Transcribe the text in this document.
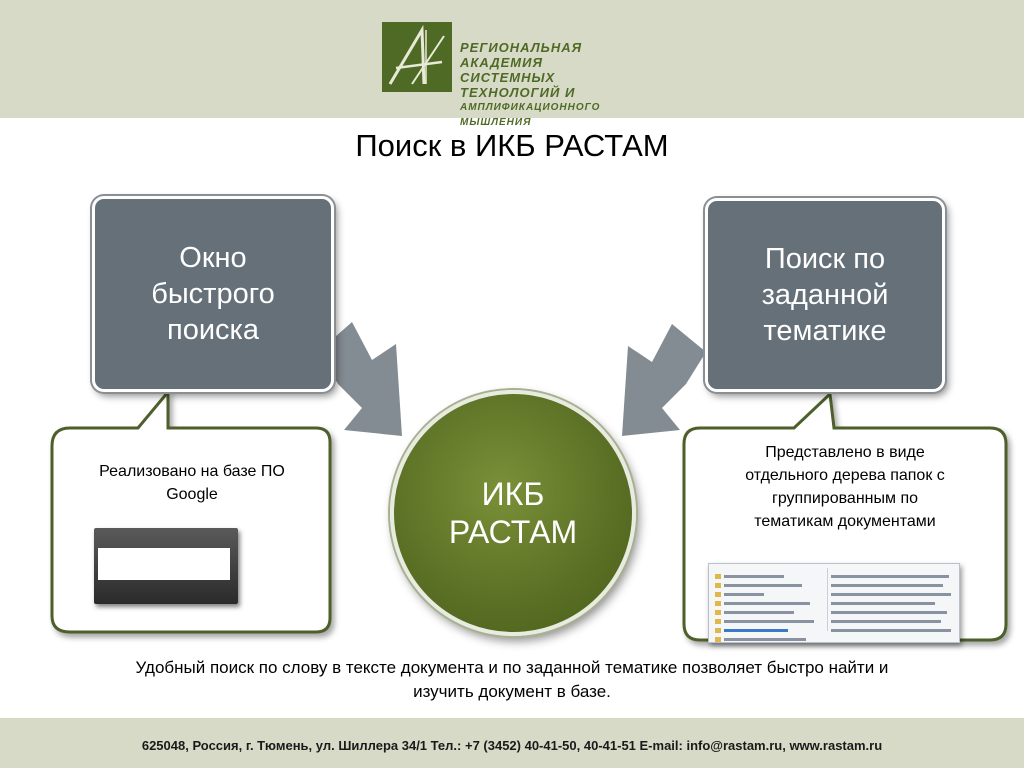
РЕГИОНАЛЬНАЯ АКАДЕМИЯ
СИСТЕМНЫХ ТЕХНОЛОГИЙ И
АМПЛИФИКАЦИОННОГО МЫШЛЕНИЯ
Поиск в ИКБ РАСТАМ
Окно
быстрого
поиска
Поиск по
заданной
тематике
ИКБ
РАСТАМ
Реализовано на базе ПО
Google
Представлено в виде
отдельного дерева папок с
группированным по
тематикам документами
Удобный поиск по слову в тексте документа и по заданной тематике позволяет быстро найти и
изучить документ в базе.
625048, Россия, г. Тюмень, ул. Шиллера 34/1 Тел.: +7 (3452) 40-41-50, 40-41-51 E-mail: info@rastam.ru, www.rastam.ru
